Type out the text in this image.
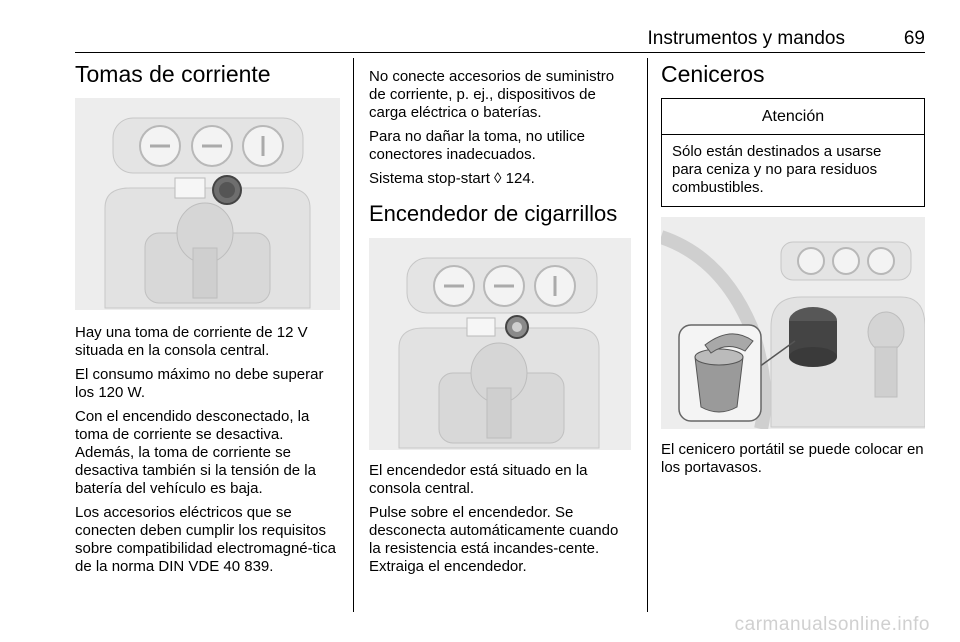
Instrumentos y mandos	69
Tomas de corriente

Hay una toma de corriente de 12 V situada en la consola central.

El consumo máximo no debe superar los 120 W.

Con el encendido desconectado, la toma de corriente se desactiva. Además, la toma de corriente se desactiva también si la tensión de la batería del vehículo es baja.

Los accesorios eléctricos que se conecten deben cumplir los requisitos sobre compatibilidad electromagné‐tica de la norma DIN VDE 40 839.

No conecte accesorios de suministro de corriente, p. ej., dispositivos de carga eléctrica o baterías.

Para no dañar la toma, no utilice conectores inadecuados.

Sistema stop-start ◊ 124.

Encendedor de cigarrillos

El encendedor está situado en la consola central.

Pulse sobre el encendedor. Se desconecta automáticamente cuando la resistencia está incandes‐cente. Extraiga el encendedor.

Ceniceros
Atención
Sólo están destinados a usarse para ceniza y no para residuos combustibles.

El cenicero portátil se puede colocar en los portavasos.

carmanualsonline.info
